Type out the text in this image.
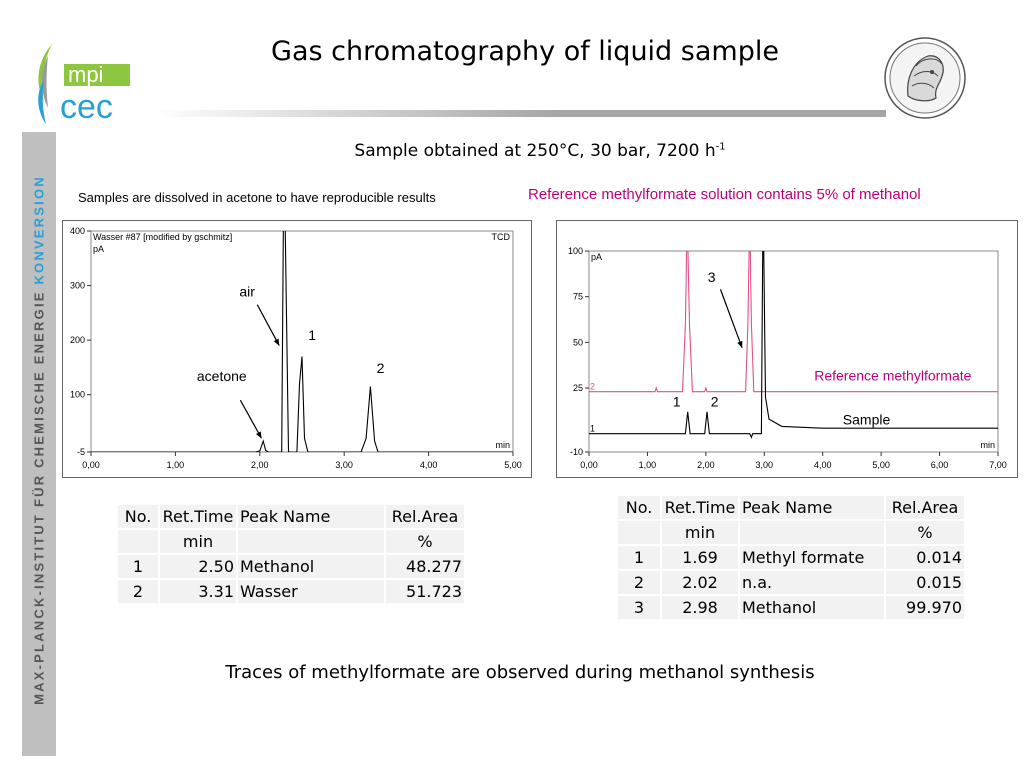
MAX-PLANCK-INSTITUT FÜR CHEMISCHE ENERGIE KONVERSION
mpi
cec
Gas chromatography of liquid sample
Sample obtained at 250°C, 30 bar, 7200 $h^{-1}$
Samples are dissolved in acetone to have reproducible results	Reference methylformate solution contains 5% of methanol
0,00	1,00	2,00	3,00	4,00	5,00
-5
100
200
300
400
pA
min
Wasser #87 [modified by gschmitz]	TCD
air
acetone
1
2
0,00	1,00	2,00	3,00	4,00	5,00	6,00	7,00
-10
25
50
75
100
pA
min
1
2
3
Reference methylformate
1 2
Sample
No.	Ret.Time	Peak Name	Rel.Area
	min		%
1	2.50	Methanol	48.277
2	3.31	Wasser	51.723
No.	Ret.Time	Peak Name	Rel.Area
	min		%
1	1.69	Methyl formate	0.014
2	2.02	n.a.	0.015
3	2.98	Methanol	99.970
Traces of methylformate are observed during methanol synthesis
